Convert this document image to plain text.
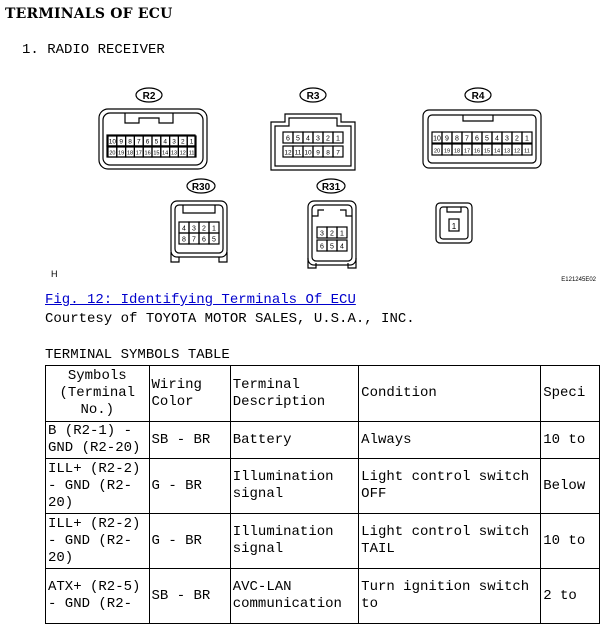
TERMINALS OF ECU
1. RADIO RECEIVER
R2
10 9 8 7 6 5 4 3 2 1
20 19 18 17 16 15 14 13 12 11
R3
6 5 4 3 2 1
12 11 10 9 8 7
R4
10 9 8 7 6 5 4 3 2 1
20 19 18 17 16 15 14 13 12 11
R30
4 3 2 1
8 7 6 5
R31
3 2 1
6 5 4
1
H
E121245E02
Fig. 12: Identifying Terminals Of ECU
Courtesy of TOYOTA MOTOR SALES, U.S.A., INC.
TERMINAL SYMBOLS TABLE
Symbols (Terminal No.)	Wiring Color	Terminal Description	Condition	Speci
B (R2-1) - GND (R2-20)	SB - BR	Battery	Always	10 to
ILL+ (R2-2) - GND (R2-20)	G - BR	Illumination signal	Light control switch OFF	Below
ILL+ (R2-2) - GND (R2-20)	G - BR	Illumination signal	Light control switch TAIL	10 to
ATX+ (R2-5) - GND (R2-	SB - BR	AVC-LAN communication	Turn ignition switch to	2 to
